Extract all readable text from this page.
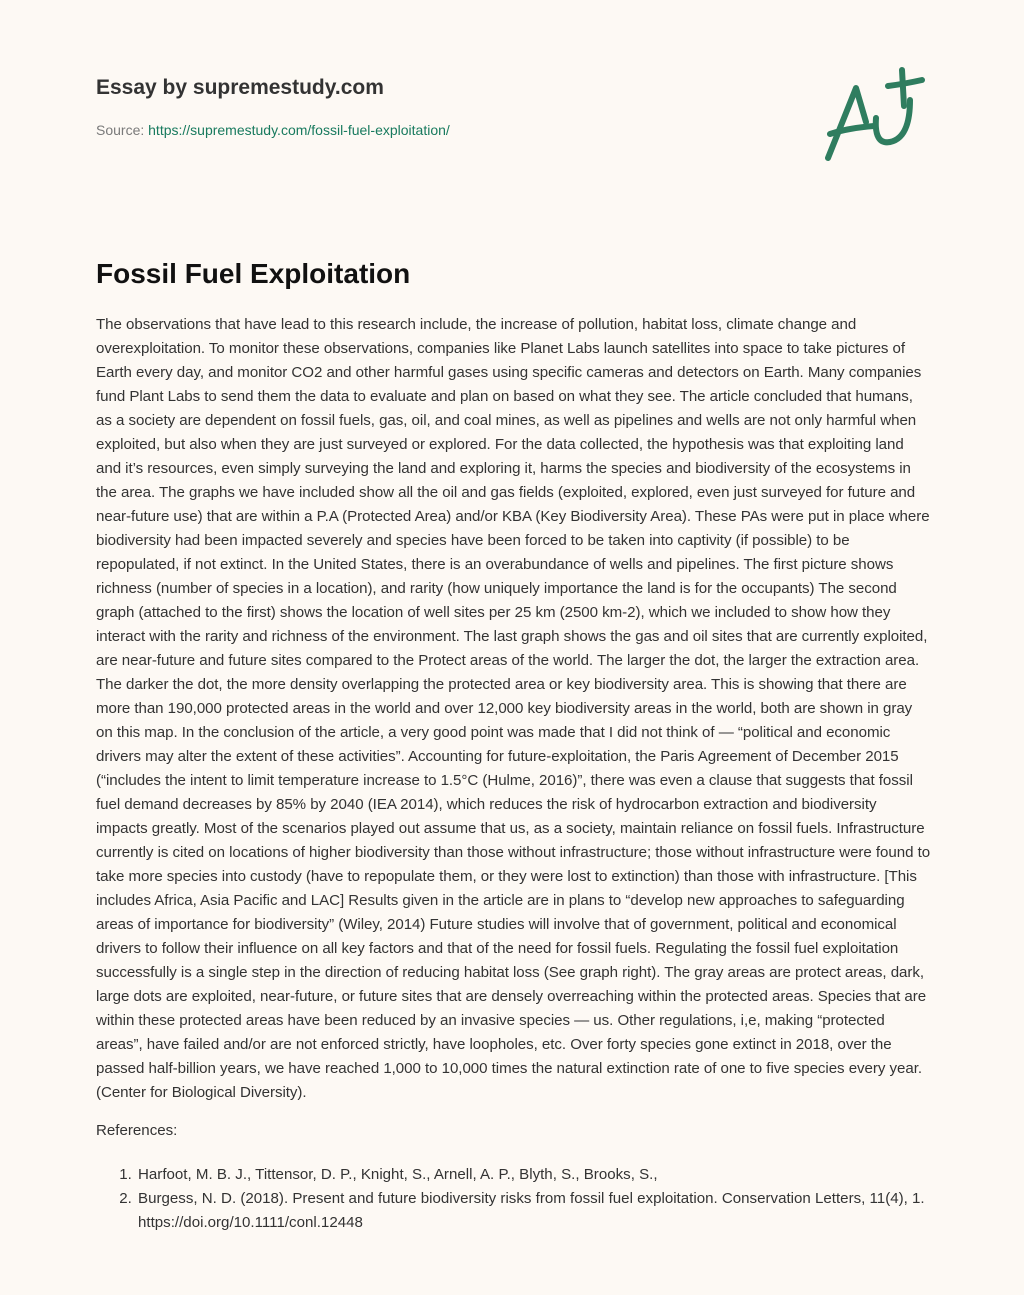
Essay by supremestudy.com
Source: https://supremestudy.com/fossil-fuel-exploitation/
Fossil Fuel Exploitation

The observations that have lead to this research include, the increase of pollution, habitat loss, climate change and overexploitation. To monitor these observations, companies like Planet Labs launch satellites into space to take pictures of Earth every day, and monitor CO2 and other harmful gases using specific cameras and detectors on Earth. Many companies fund Plant Labs to send them the data to evaluate and plan on based on what they see. The article concluded that humans, as a society are dependent on fossil fuels, gas, oil, and coal mines, as well as pipelines and wells are not only harmful when exploited, but also when they are just surveyed or explored. For the data collected, the hypothesis was that exploiting land and it’s resources, even simply surveying the land and exploring it, harms the species and biodiversity of the ecosystems in the area. The graphs we have included show all the oil and gas fields (exploited, explored, even just surveyed for future and near-future use) that are within a P.A (Protected Area) and/or KBA (Key Biodiversity Area). These PAs were put in place where biodiversity had been impacted severely and species have been forced to be taken into captivity (if possible) to be repopulated, if not extinct. In the United States, there is an overabundance of wells and pipelines. The first picture shows richness (number of species in a location), and rarity (how uniquely importance the land is for the occupants) The second graph (attached to the first) shows the location of well sites per 25 km (2500 km-2), which we included to show how they interact with the rarity and richness of the environment. The last graph shows the gas and oil sites that are currently exploited, are near-future and future sites compared to the Protect areas of the world. The larger the dot, the larger the extraction area. The darker the dot, the more density overlapping the protected area or key biodiversity area. This is showing that there are more than 190,000 protected areas in the world and over 12,000 key biodiversity areas in the world, both are shown in gray on this map. In the conclusion of the article, a very good point was made that I did not think of — “political and economic drivers may alter the extent of these activities”. Accounting for future-exploitation, the Paris Agreement of December 2015 (“includes the intent to limit temperature increase to 1.5°C (Hulme, 2016)”, there was even a clause that suggests that fossil fuel demand decreases by 85% by 2040 (IEA 2014), which reduces the risk of hydrocarbon extraction and biodiversity impacts greatly. Most of the scenarios played out assume that us, as a society, maintain reliance on fossil fuels. Infrastructure currently is cited on locations of higher biodiversity than those without infrastructure; those without infrastructure were found to take more species into custody (have to repopulate them, or they were lost to extinction) than those with infrastructure. [This includes Africa, Asia Pacific and LAC] Results given in the article are in plans to “develop new approaches to safeguarding areas of importance for biodiversity” (Wiley, 2014) Future studies will involve that of government, political and economical drivers to follow their influence on all key factors and that of the need for fossil fuels. Regulating the fossil fuel exploitation successfully is a single step in the direction of reducing habitat loss (See graph right). The gray areas are protect areas, dark, large dots are exploited, near-future, or future sites that are densely overreaching within the protected areas. Species that are within these protected areas have been reduced by an invasive species — us. Other regulations, i,e, making “protected areas”, have failed and/or are not enforced strictly, have loopholes, etc. Over forty species gone extinct in 2018, over the passed half-billion years, we have reached 1,000 to 10,000 times the natural extinction rate of one to five species every year. (Center for Biological Diversity).

References:

1. Harfoot, M. B. J., Tittensor, D. P., Knight, S., Arnell, A. P., Blyth, S., Brooks, S.,
2. Burgess, N. D. (2018). Present and future biodiversity risks from fossil fuel exploitation. Conservation Letters, 11(4), 1. https://doi.org/10.1111/conl.12448
